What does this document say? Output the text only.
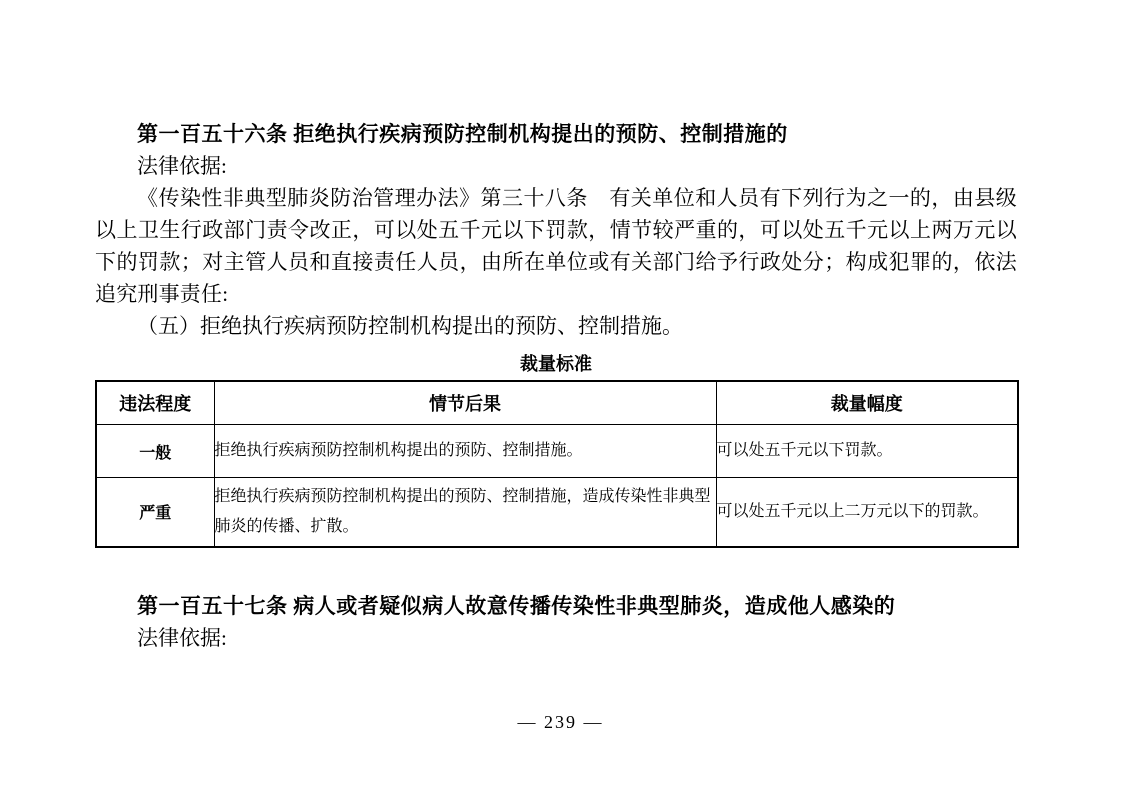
第一百五十六条 拒绝执行疾病预防控制机构提出的预防、控制措施的
法律依据:
《传染性非典型肺炎防治管理办法》第三十八条　有关单位和人员有下列行为之一的，由县级以上卫生行政部门责令改正，可以处五千元以下罚款，情节较严重的，可以处五千元以上两万元以下的罚款；对主管人员和直接责任人员，由所在单位或有关部门给予行政处分；构成犯罪的，依法追究刑事责任:
（五）拒绝执行疾病预防控制机构提出的预防、控制措施。
裁量标准
违法程度	情节后果	裁量幅度
一般	拒绝执行疾病预防控制机构提出的预防、控制措施。	可以处五千元以下罚款。
严重	拒绝执行疾病预防控制机构提出的预防、控制措施，造成传染性非典型肺炎的传播、扩散。	可以处五千元以上二万元以下的罚款。
第一百五十七条 病人或者疑似病人故意传播传染性非典型肺炎，造成他人感染的
法律依据:
— 239 —
